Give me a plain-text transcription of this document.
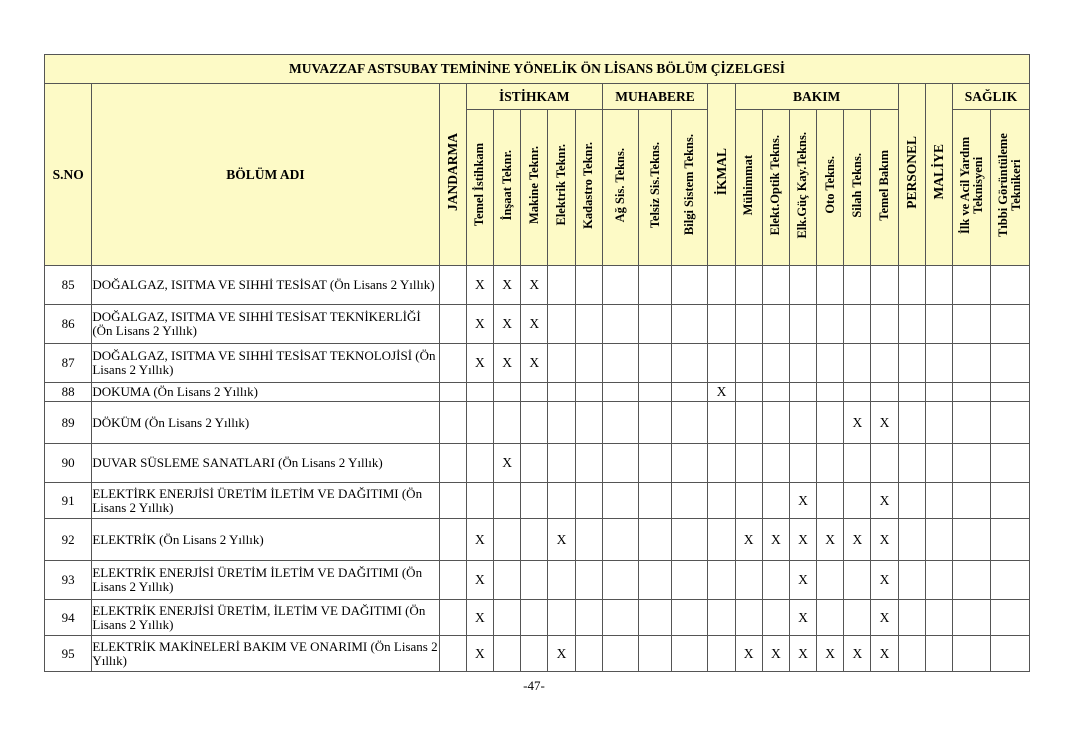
MUVAZZAF ASTSUBAY TEMİNİNE YÖNELİK ÖN LİSANS BÖLÜM ÇİZELGESİ																					
S.NO	BÖLÜM ADI	JANDARMA	İSTİHKAM					MUHABERE			İKMAL	BAKIM						PERSONEL	MALİYE	SAĞLIK	
			Temel İstihkam	İnşaat Teknr.	Makine Teknr.	Elektrik Teknr.	Kadastro Teknr.	Ağ Sis. Tekns.	Telsiz Sis.Tekns.	Bilgi Sistem Tekns.		Mühimmat	Elekt.Optik Tekns.	Elk.Güç Kay.Tekns.	Oto Tekns.	Silah Tekns.	Temel Bakım			İlk ve Acil Yardım Teknisyeni	Tıbbi Görüntüleme Teknikeri
85	DOĞALGAZ, ISITMA VE SIHHİ TESİSAT (Ön Lisans 2 Yıllık)		X	X	X																
86	DOĞALGAZ, ISITMA VE SIHHİ TESİSAT TEKNİKERLİĞİ (Ön Lisans 2 Yıllık)		X	X	X																
87	DOĞALGAZ, ISITMA VE SIHHİ TESİSAT TEKNOLOJİSİ (Ön Lisans 2 Yıllık)		X	X	X																
88	DOKUMA (Ön Lisans 2 Yıllık)										X										
89	DÖKÜM (Ön Lisans 2 Yıllık)															X	X				
90	DUVAR SÜSLEME SANATLARI (Ön Lisans 2 Yıllık)			X																	
91	ELEKTİRK ENERJİSİ ÜRETİM İLETİM VE DAĞITIMI (Ön Lisans 2 Yıllık)													X			X				
92	ELEKTRİK (Ön Lisans 2 Yıllık)		X			X						X	X	X	X	X	X				
93	ELEKTRİK ENERJİSİ ÜRETİM İLETİM VE DAĞITIMI (Ön Lisans 2 Yıllık)		X											X			X				
94	ELEKTRİK ENERJİSİ ÜRETİM, İLETİM VE DAĞITIMI (Ön Lisans 2 Yıllık)		X											X			X				
95	ELEKTRİK MAKİNELERİ BAKIM VE ONARIMI (Ön Lisans 2 Yıllık)		X			X						X	X	X	X	X	X				
-47-
